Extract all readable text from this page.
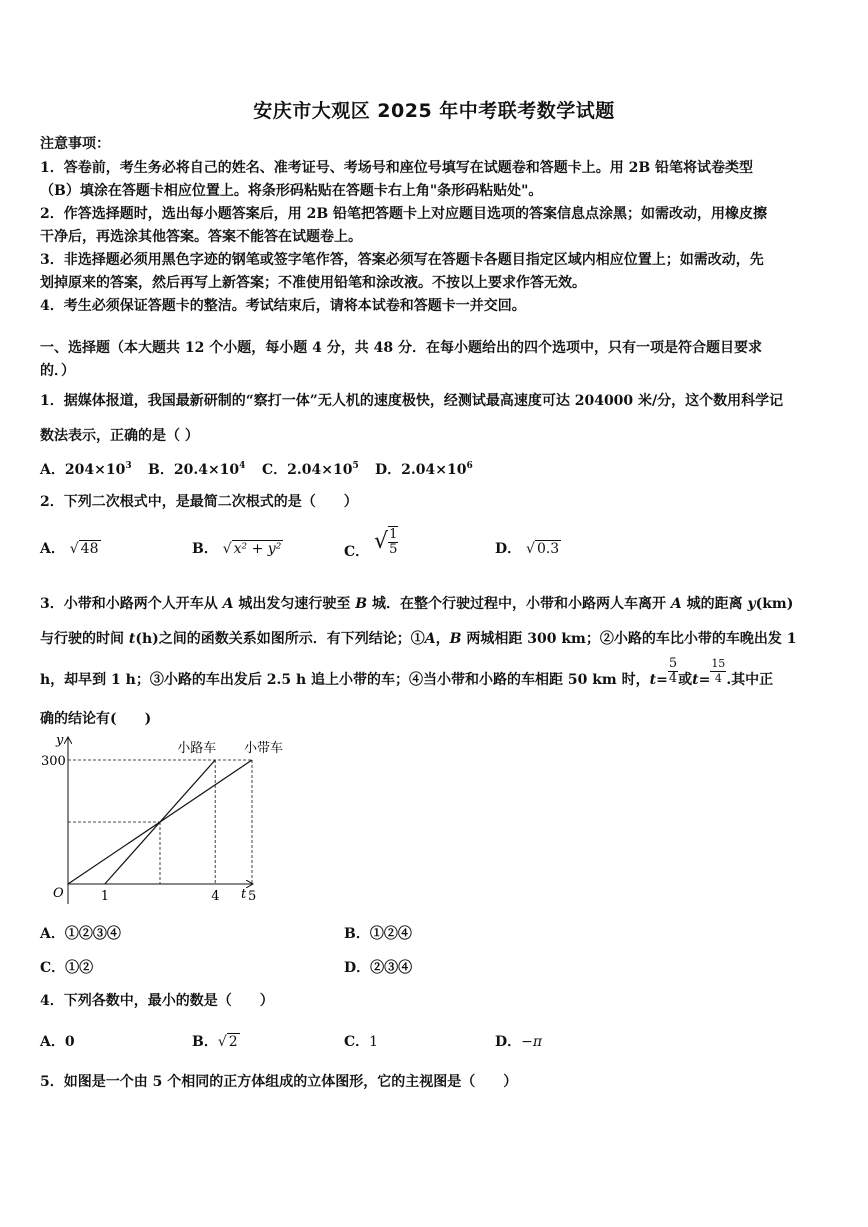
安庆市大观区 2025 年中考联考数学试题
注意事项：
1．答卷前，考生务必将自己的姓名、准考证号、考场号和座位号填写在试题卷和答题卡上。用 2B 铅笔将试卷类型
（B）填涂在答题卡相应位置上。将条形码粘贴在答题卡右上角"条形码粘贴处"。
2．作答选择题时，选出每小题答案后，用 2B 铅笔把答题卡上对应题目选项的答案信息点涂黑；如需改动，用橡皮擦
干净后，再选涂其他答案。答案不能答在试题卷上。
3．非选择题必须用黑色字迹的钢笔或签字笔作答，答案必须写在答题卡各题目指定区域内相应位置上；如需改动，先
划掉原来的答案，然后再写上新答案；不准使用铅笔和涂改液。不按以上要求作答无效。
4．考生必须保证答题卡的整洁。考试结束后，请将本试卷和答题卡一并交回。
一、选择题（本大题共 12 个小题，每小题 4 分，共 48 分．在每小题给出的四个选项中，只有一项是符合题目要求
的．）
1．据媒体报道，我国最新研制的“察打一体”无人机的速度极快，经测试最高速度可达 204000 米/分，这个数用科学记
数法表示，正确的是（ ）
A．$204\times 10^3$ B．$20.4\times 10^4$ C．$2.04\times 10^5$ D．$2.04\times 10^6$
2．下列二次根式中，是最简二次根式的是（　　）
A． √ 48	B． √ x² + y²	C． √ $\frac{1}{5}$	D． √ 0.3
3．小带和小路两个人开车从 A 城出发匀速行驶至 B 城．在整个行驶过程中，小带和小路两人车离开 A 城的距离 y(km)
与行驶的时间 t(h)之间的函数关系如图所示．有下列结论；①A，B 两城相距 300 km；②小路的车比小带的车晚出发 1
h，却早到 1 h；③小路的车出发后 2.5 h 追上小带的车；④当小带和小路的车相距 50 km 时，$t= \frac{5}{4}$ 或$t= \frac{15}{4}$ .其中正
确的结论有(　　)
y
t
O
小路车 小带车
1	4 5
300
A．①②③④	B．①②④
C．①②	D．②③④
4．下列各数中，最小的数是（　　）
A．0	B．√ 2	C．1	D．−π
5．如图是一个由 5 个相同的正方体组成的立体图形，它的主视图是（　　）
